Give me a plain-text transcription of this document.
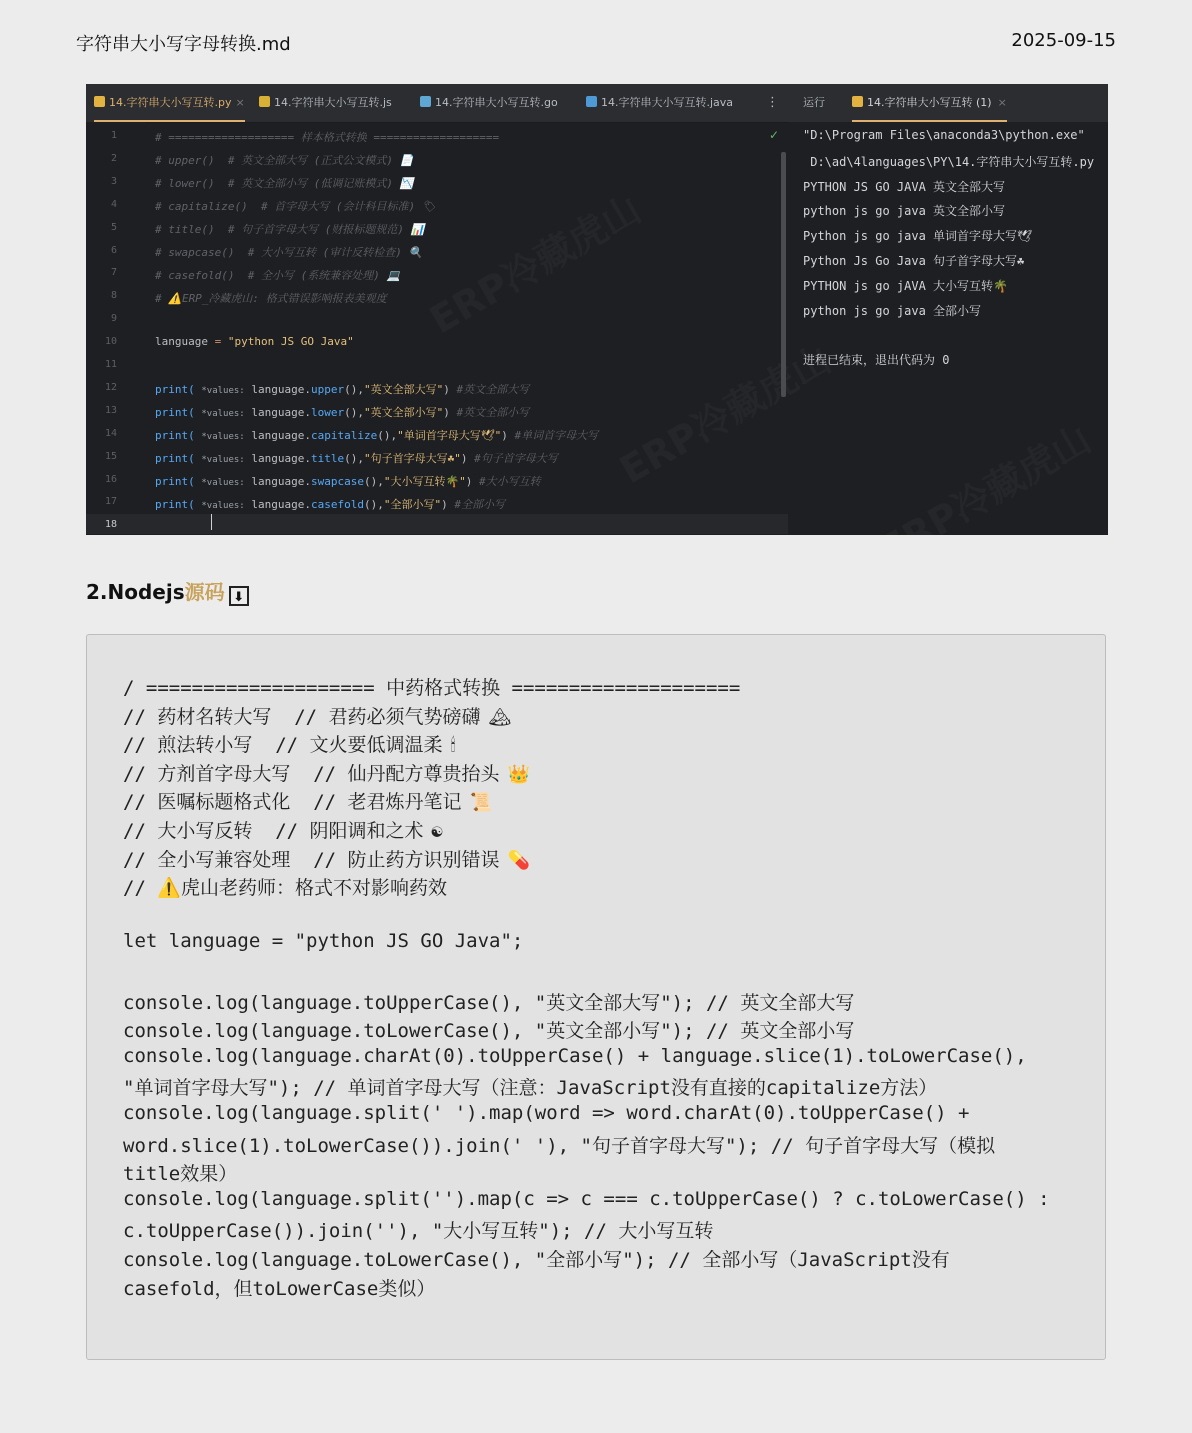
字符串大小写字母转换.md	2025-09-15
14.字符串大小写互转.py ×	14.字符串大小写互转.js	14.字符串大小写互转.go	14.字符串大小写互转.java	⋮ 运行	14.字符串大小写互转 (1) ×
1
2
3
4
5
6
7
8
9
10
11
12
13
14
15
16
17
18
✓
# =================== 样本格式转换 ===================
# upper()  # 英文全部大写 (正式公文模式) 📄
# lower()  # 英文全部小写 (低调记账模式) 📉
# capitalize()  # 首字母大写 (会计科目标准) 🏷
# title()  # 句子首字母大写 (财报标题规范) 📊
# swapcase()  # 大小写互转 (审计反转检查) 🔍
# casefold()  # 全小写 (系统兼容处理) 💻
# ⚠️ERP_冷藏虎山: 格式错误影响报表美观度
language = "python JS GO Java"
print( *values: language.upper(),"英文全部大写") #英文全部大写
print( *values: language.lower(),"英文全部小写") #英文全部小写
print( *values: language.capitalize(),"单词首字母大写🕊") #单词首字母大写
print( *values: language.title(),"句子首字母大写☘") #句子首字母大写
print( *values: language.swapcase(),"大小写互转🌴") #大小写互转
print( *values: language.casefold(),"全部小写") #全部小写
"D:\Program Files\anaconda3\python.exe"
D:\ad\4languages\PY\14.字符串大小写互转.py
PYTHON JS GO JAVA 英文全部大写
python js go java 英文全部小写
Python js go java 单词首字母大写🕊
Python Js Go Java 句子首字母大写☘
PYTHON js go jAVA 大小写互转🌴
python js go java 全部小写
进程已结束，退出代码为 0
2.Nodejs源码 ⬇
/ ==================== 中药格式转换 ====================
// 药材名转大写  // 君药必须气势磅礴 🏔
// 煎法转小写  // 文火要低调温柔 🕯
// 方剂首字母大写  // 仙丹配方尊贵抬头 👑
// 医嘱标题格式化  // 老君炼丹笔记 📜
// 大小写反转  // 阴阳调和之术 ☯
// 全小写兼容处理  // 防止药方识别错误 💊
// ⚠️虎山老药师：格式不对影响药效
let language = "python JS GO Java";
console.log(language.toUpperCase(), "英文全部大写"); // 英文全部大写
console.log(language.toLowerCase(), "英文全部小写"); // 英文全部小写
console.log(language.charAt(0).toUpperCase() + language.slice(1).toLowerCase(),
"单词首字母大写"); // 单词首字母大写（注意：JavaScript没有直接的capitalize方法）
console.log(language.split(' ').map(word => word.charAt(0).toUpperCase() +
word.slice(1).toLowerCase()).join(' '), "句子首字母大写"); // 句子首字母大写（模拟
title效果）
console.log(language.split('').map(c => c === c.toUpperCase() ? c.toLowerCase() :
c.toUpperCase()).join(''), "大小写互转"); // 大小写互转
console.log(language.toLowerCase(), "全部小写"); // 全部小写（JavaScript没有
casefold，但toLowerCase类似）
